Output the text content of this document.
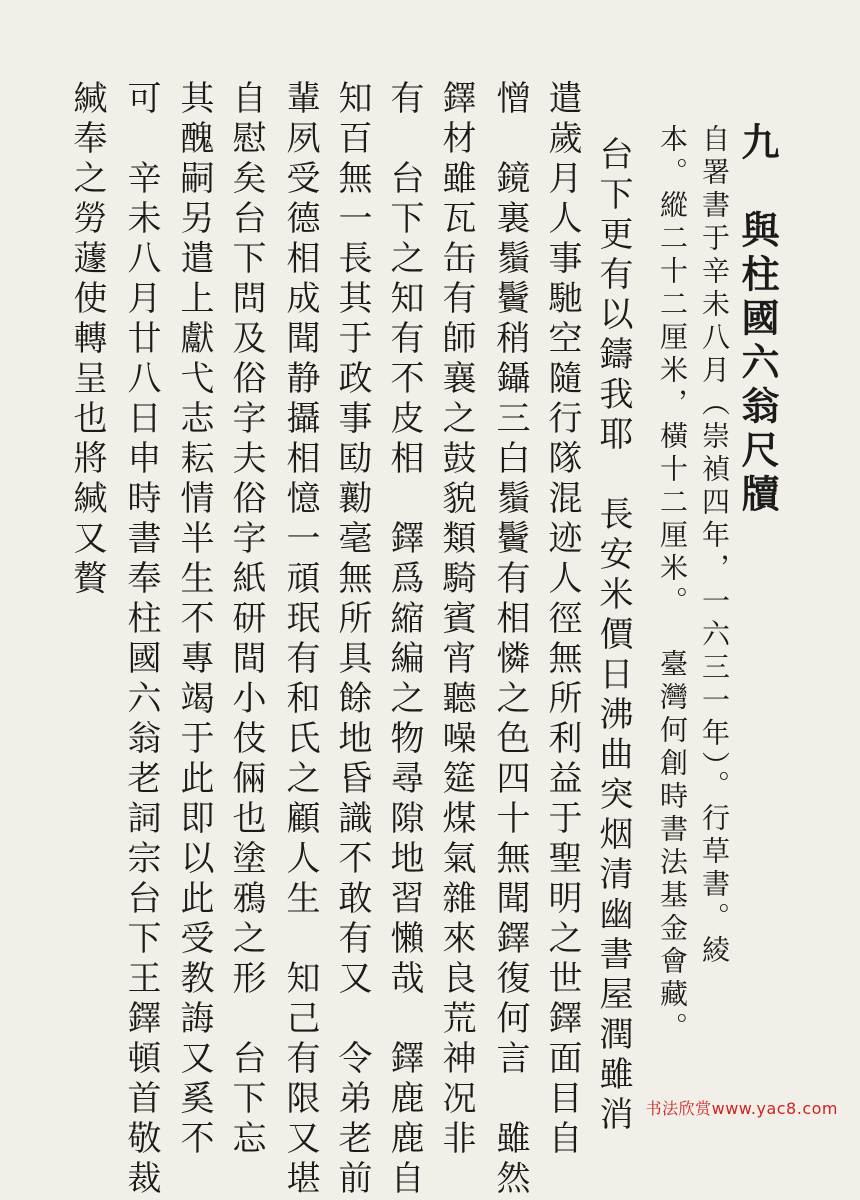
九　與柱國六翁尺牘
自署書于辛未八月（崇禎四年，一六三一年）。行草書。綾
本。縱二十二厘米，橫十二厘米。臺灣何創時書法基金會藏。
台下更有以鑄我耶　長安米價日沸曲突烟清幽書屋潤雖消
遣歲月人事馳空隨行隊混迹人徑無所利益于聖明之世鐸面目自
憎　鏡裏鬚鬢稍鑷三白鬚鬢有相憐之色四十無聞鐸復何言　雖然
鐸材雖瓦缶有師襄之鼓貌類騎賓宵聽噪筵煤氣雜來良荒神况非
有　台下之知有不皮相　鐸爲縮編之物尋隙地習懶哉　鐸鹿鹿自
知百無一長其于政事劻勷毫無所具餘地昏識不敢有又　令弟老前
輩夙受德相成聞静攝相憶一頑珉有和氏之顧人生　知己有限又堪
自慰矣台下問及俗字夫俗字紙研間小伎倆也塗鴉之形　台下忘
其醜嗣另遣上獻弋志耘情半生不專竭于此即以此受教誨又奚不
可　辛未八月廿八日申時書奉柱國六翁老詞宗台下王鐸頓首敬裁
緘奉之勞蘧使轉呈也將緘又贅
书法欣赏www.yac8.com
